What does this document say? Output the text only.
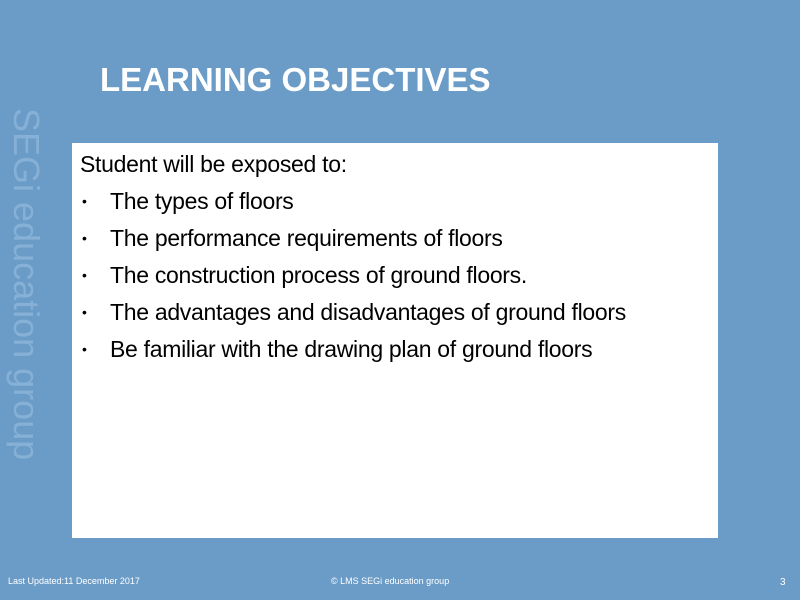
SEGi education group
LEARNING OBJECTIVES
Student will be exposed to:
• The types of floors
• The performance requirements of floors
• The construction process of ground floors.
• The advantages and disadvantages of ground floors
• Be familiar with the drawing plan of ground floors
Last Updated:11 December 2017	© LMS SEGi education group	3
